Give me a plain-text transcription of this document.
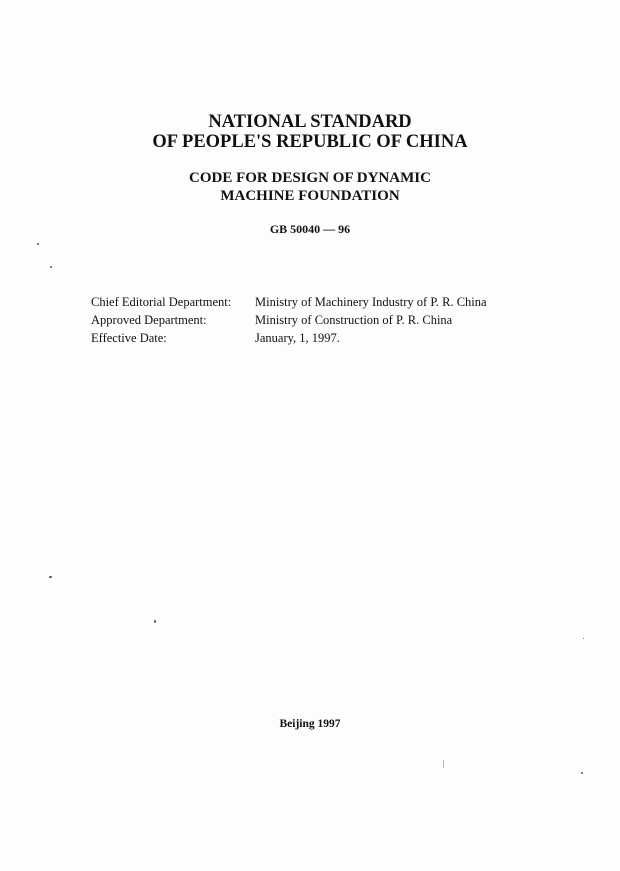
NATIONAL STANDARD
OF PEOPLE'S REPUBLIC OF CHINA
CODE FOR DESIGN OF DYNAMIC
MACHINE FOUNDATION
GB 50040 — 96
Chief Editorial Department:	Ministry of Machinery Industry of P. R. China
Approved Department:	Ministry of Construction of P. R. China
Effective Date:	January, 1, 1997.
Beijing 1997
